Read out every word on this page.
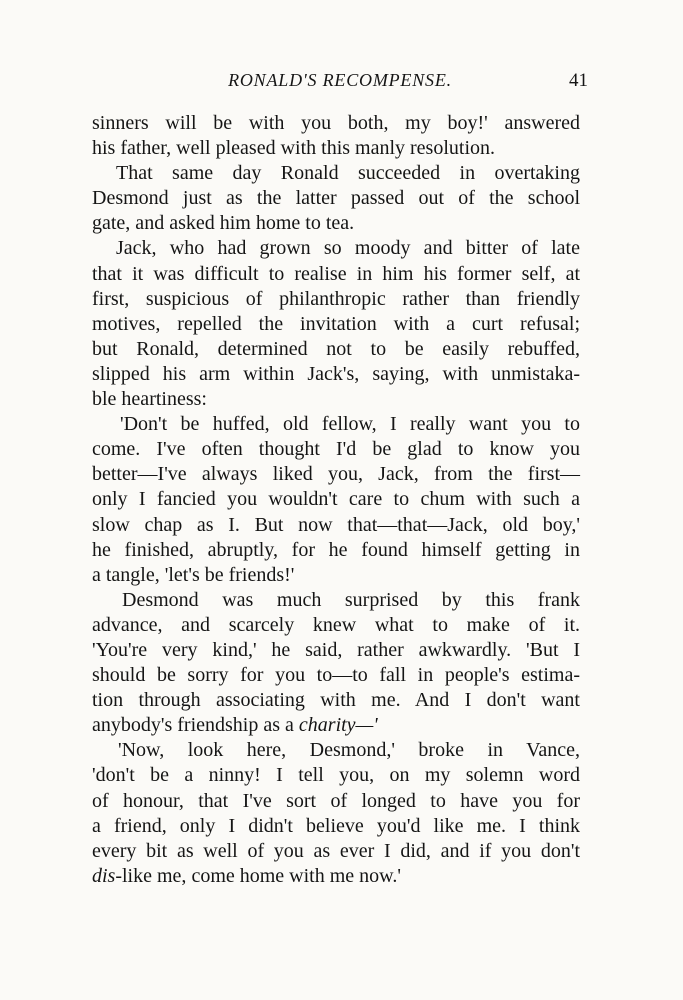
RONALD'S RECOMPENSE.	41
sinners will be with you both, my boy!' answered
his father, well pleased with this manly resolution.
That same day Ronald succeeded in overtaking
Desmond just as the latter passed out of the school
gate, and asked him home to tea.
Jack, who had grown so moody and bitter of late
that it was difficult to realise in him his former self, at
first, suspicious of philanthropic rather than friendly
motives, repelled the invitation with a curt refusal;
but Ronald, determined not to be easily rebuffed,
slipped his arm within Jack's, saying, with unmistaka-
ble heartiness:
'Don't be huffed, old fellow, I really want you to
come. I've often thought I'd be glad to know you
better—I've always liked you, Jack, from the first—
only I fancied you wouldn't care to chum with such a
slow chap as I. But now that—that—Jack, old boy,'
he finished, abruptly, for he found himself getting in
a tangle, 'let's be friends!'
Desmond was much surprised by this frank
advance, and scarcely knew what to make of it.
'You're very kind,' he said, rather awkwardly. 'But I
should be sorry for you to—to fall in people's estima-
tion through associating with me. And I don't want
anybody's friendship as a charity—'
'Now, look here, Desmond,' broke in Vance,
'don't be a ninny! I tell you, on my solemn word
of honour, that I've sort of longed to have you for
a friend, only I didn't believe you'd like me. I think
every bit as well of you as ever I did, and if you don't
dis-like me, come home with me now.'
